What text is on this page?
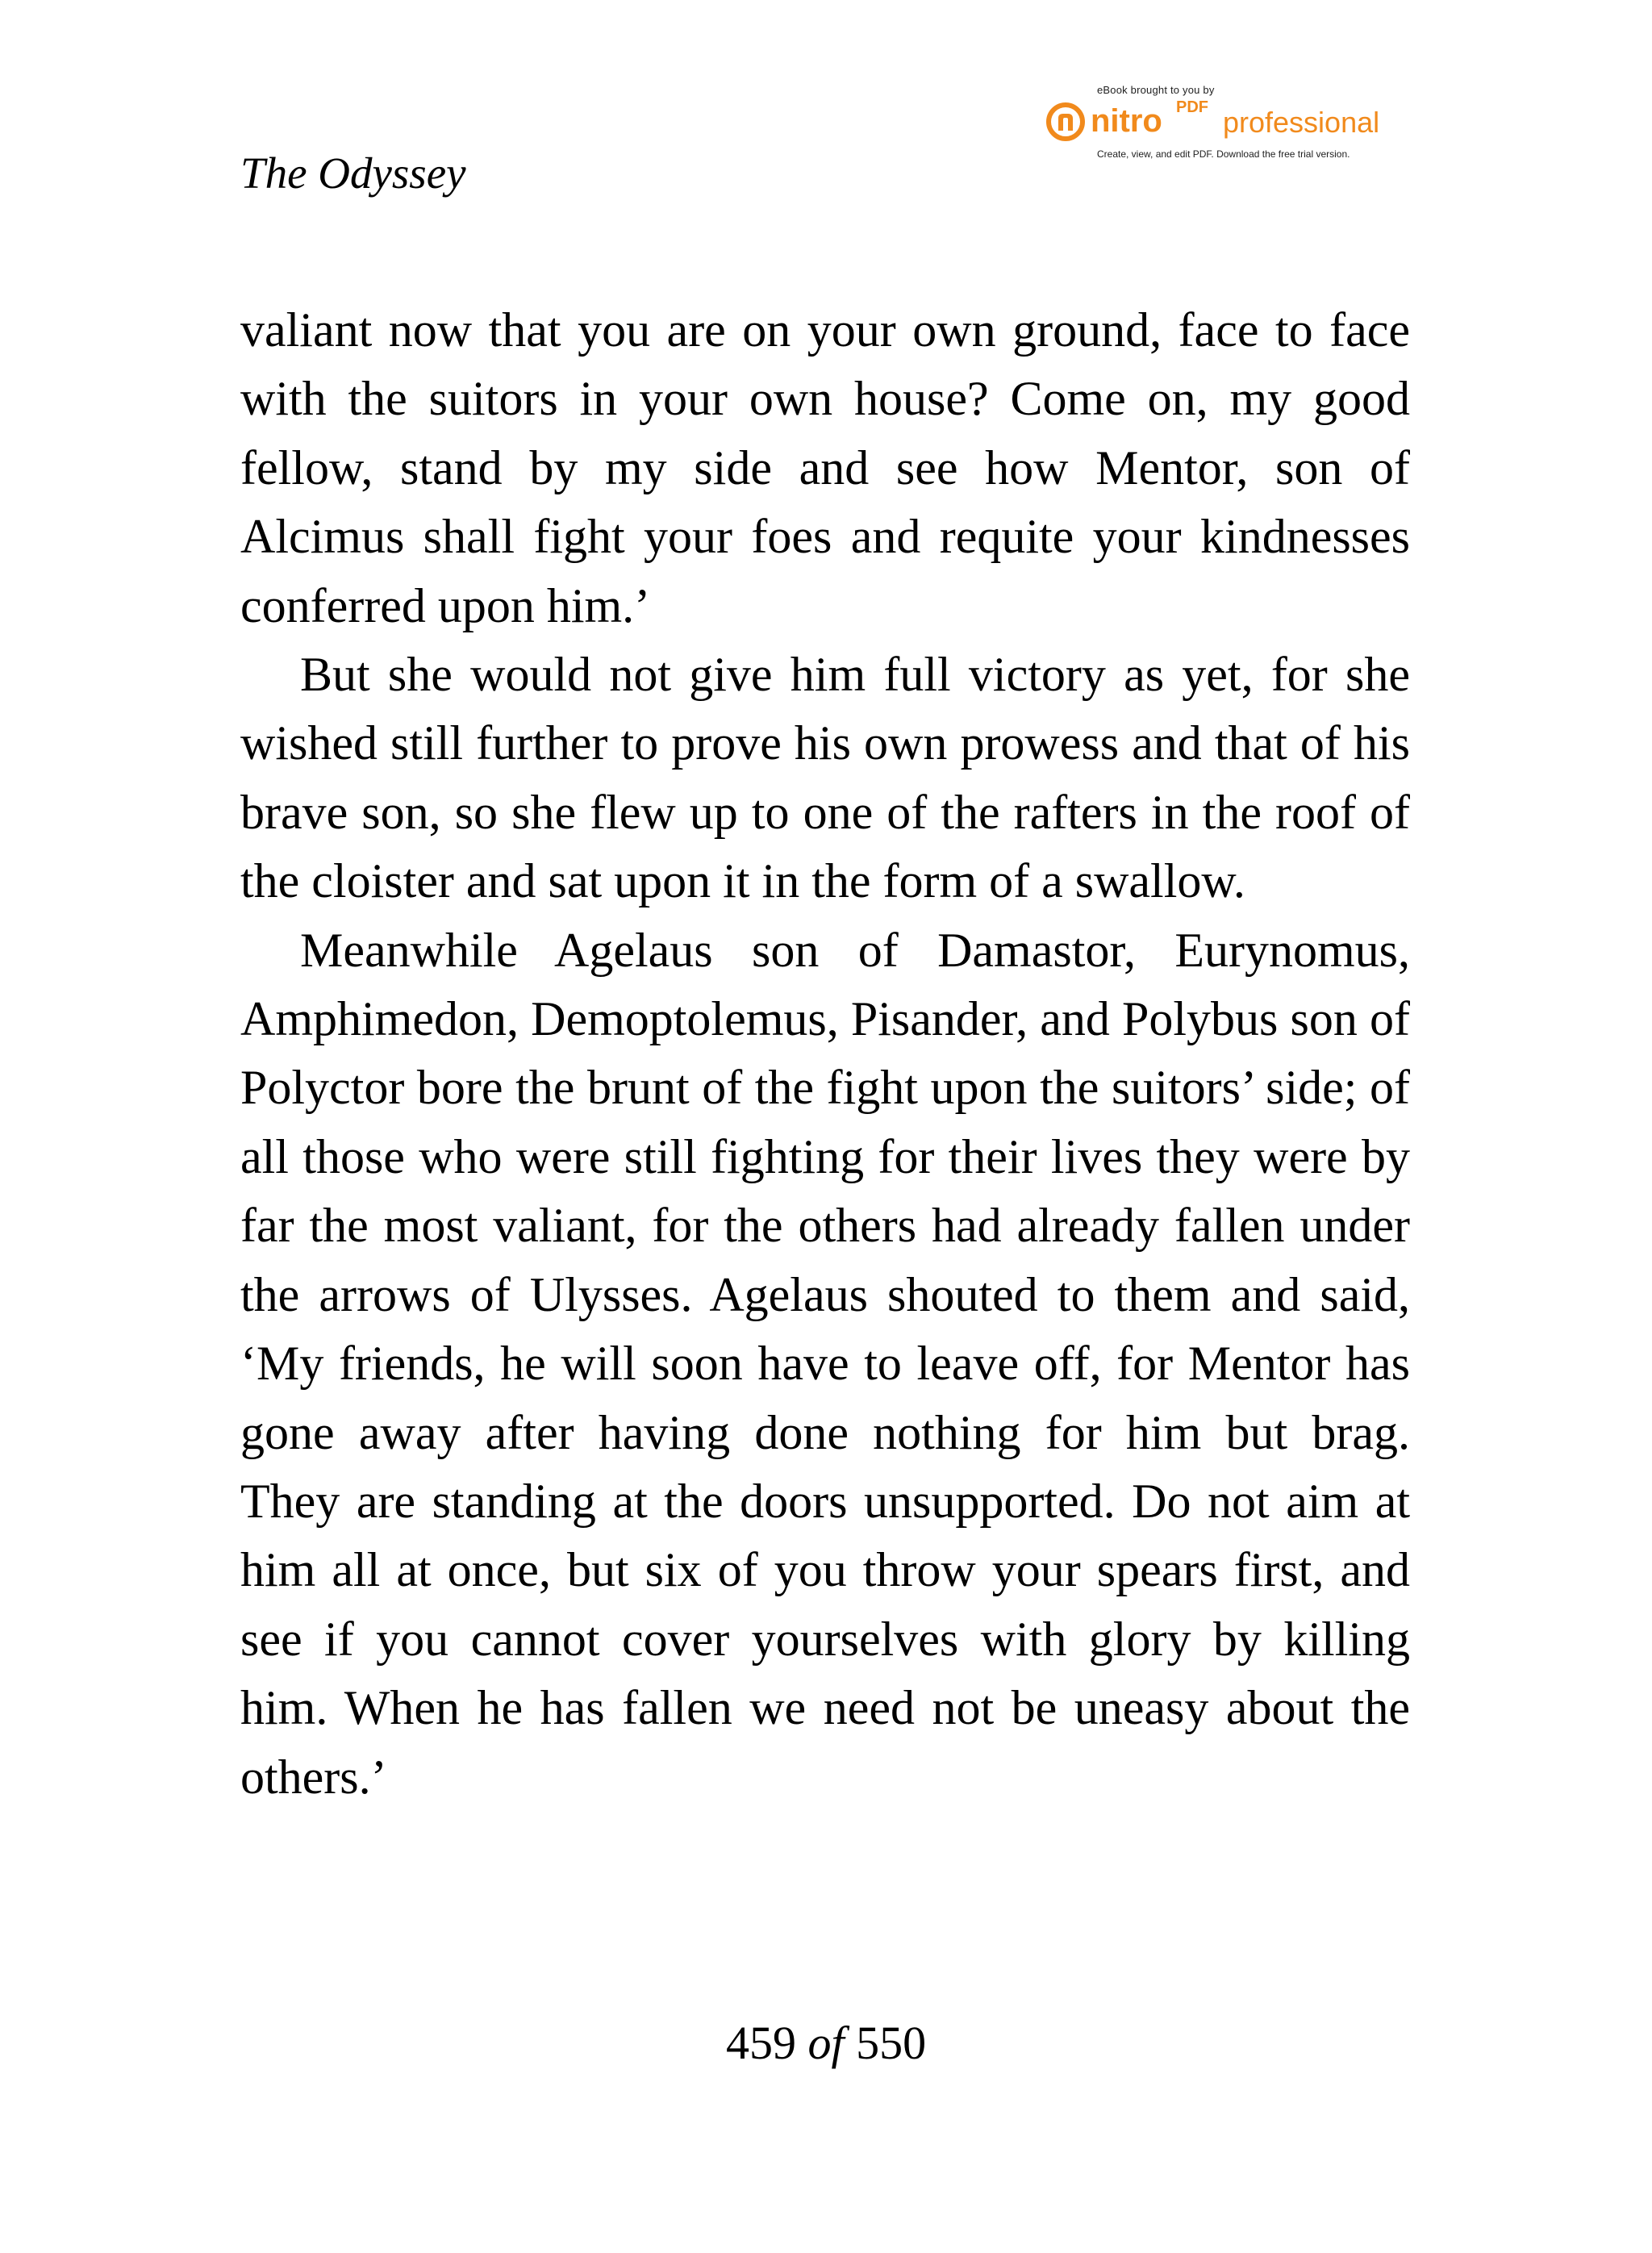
eBook brought to you by
nitro PDF professional
Create, view, and edit PDF. Download the free trial version.
The Odyssey

valiant now that you are on your own ground, face to face with the suitors in your own house? Come on, my good fellow, stand by my side and see how Mentor, son of Alcimus shall fight your foes and requite your kindnesses conferred upon him.’

But she would not give him full victory as yet, for she wished still further to prove his own prowess and that of his brave son, so she flew up to one of the rafters in the roof of the cloister and sat upon it in the form of a swallow.

Meanwhile Agelaus son of Damastor, Eurynomus, Amphimedon, Demoptolemus, Pisander, and Polybus son of Polyctor bore the brunt of the fight upon the suitors’ side; of all those who were still fighting for their lives they were by far the most valiant, for the others had already fallen under the arrows of Ulysses. Agelaus shouted to them and said, ‘My friends, he will soon have to leave off, for Mentor has gone away after having done nothing for him but brag. They are standing at the doors unsupported. Do not aim at him all at once, but six of you throw your spears first, and see if you cannot cover yourselves with glory by killing him. When he has fallen we need not be uneasy about the others.’

459 of 550
